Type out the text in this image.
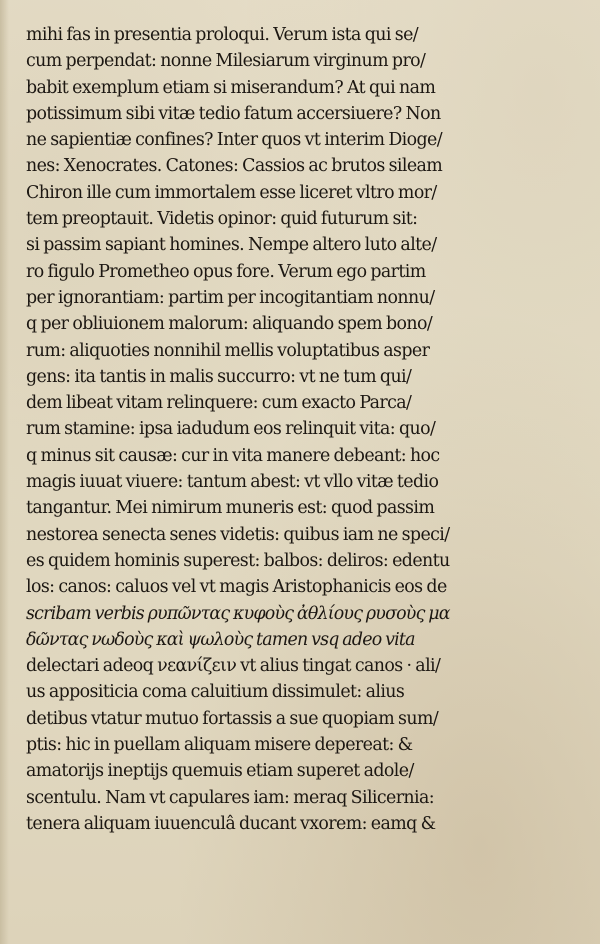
mihi fas in presentia proloqui. Verum ista qui se/
cum perpendat: nonne Milesiarum virginum pro/
babit exemplum etiam si miserandum? At qui nam
potissimum sibi vitæ tedio fatum accersiuere? Non
ne sapientiæ confines? Inter quos vt interim Dioge/
nes: Xenocrates. Catones: Cassios ac brutos sileam
Chiron ille cum immortalem esse liceret vltro mor/
tem preoptauit. Videtis opinor: quid futurum sit:
si passim sapiant homines. Nempe altero luto alte/
ro figulo Prometheo opus fore. Verum ego partim
per ignorantiam: partim per incogitantiam nonnu/
q per obliuionem malorum: aliquando spem bono/
rum: aliquoties nonnihil mellis voluptatibus asper
gens: ita tantis in malis succurro: vt ne tum qui/
dem libeat vitam relinquere: cum exacto Parca/
rum stamine: ipsa iadudum eos relinquit vita: quo/
q minus sit causæ: cur in vita manere debeant: hoc
magis iuuat viuere: tantum abest: vt vllo vitæ tedio
tangantur. Mei nimirum muneris est: quod passim
nestorea senecta senes videtis: quibus iam ne speci/
es quidem hominis superest: balbos: deliros: edentu
los: canos: caluos vel vt magis Aristophanicis eos de
scribam verbis ρυπῶντας κυφοὺς ἀθλίους ρυσοὺς μα
δῶντας νωδοὺς καὶ ψωλοὺς tamen vsq adeo vita
delectari adeoq νεανίζειν vt alius tingat canos · ali/
us appositicia coma caluitium dissimulet: alius
detibus vtatur mutuo fortassis a sue quopiam sum/
ptis: hic in puellam aliquam misere depereat: &
amatorijs ineptijs quemuis etiam superet adole/
scentulu. Nam vt capulares iam: meraq Silicernia:
tenera aliquam iuuenculâ ducant vxorem: eamq &
